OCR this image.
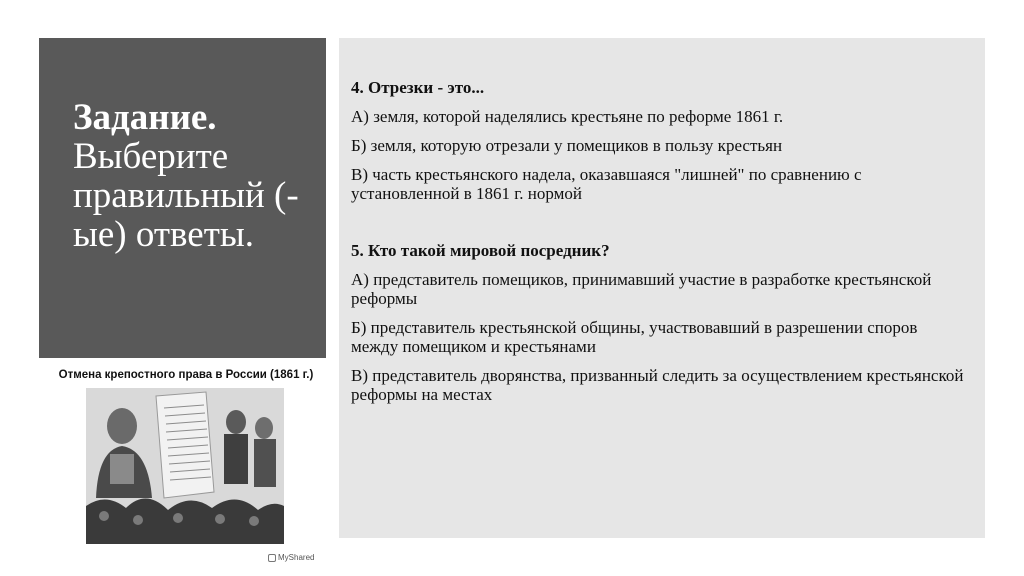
Задание.
Выберите правильный (-ые) ответы.
Отмена крепостного права в России (1861 г.)
MyShared

4. Отрезки - это...

А) земля, которой наделялись крестьяне по реформе 1861 г.

Б) земля, которую отрезали у помещиков в пользу крестьян

В) часть крестьянского надела, оказавшаяся "лишней" по сравнению с установленной в 1861 г. нормой

5. Кто такой мировой посредник?

А) представитель помещиков, принимавший участие в разработке крестьянской реформы

Б) представитель крестьянской общины, участвовавший в разрешении споров между помещиком и крестьянами

В) представитель дворянства, призванный следить за осуществлением крестьянской реформы на местах
